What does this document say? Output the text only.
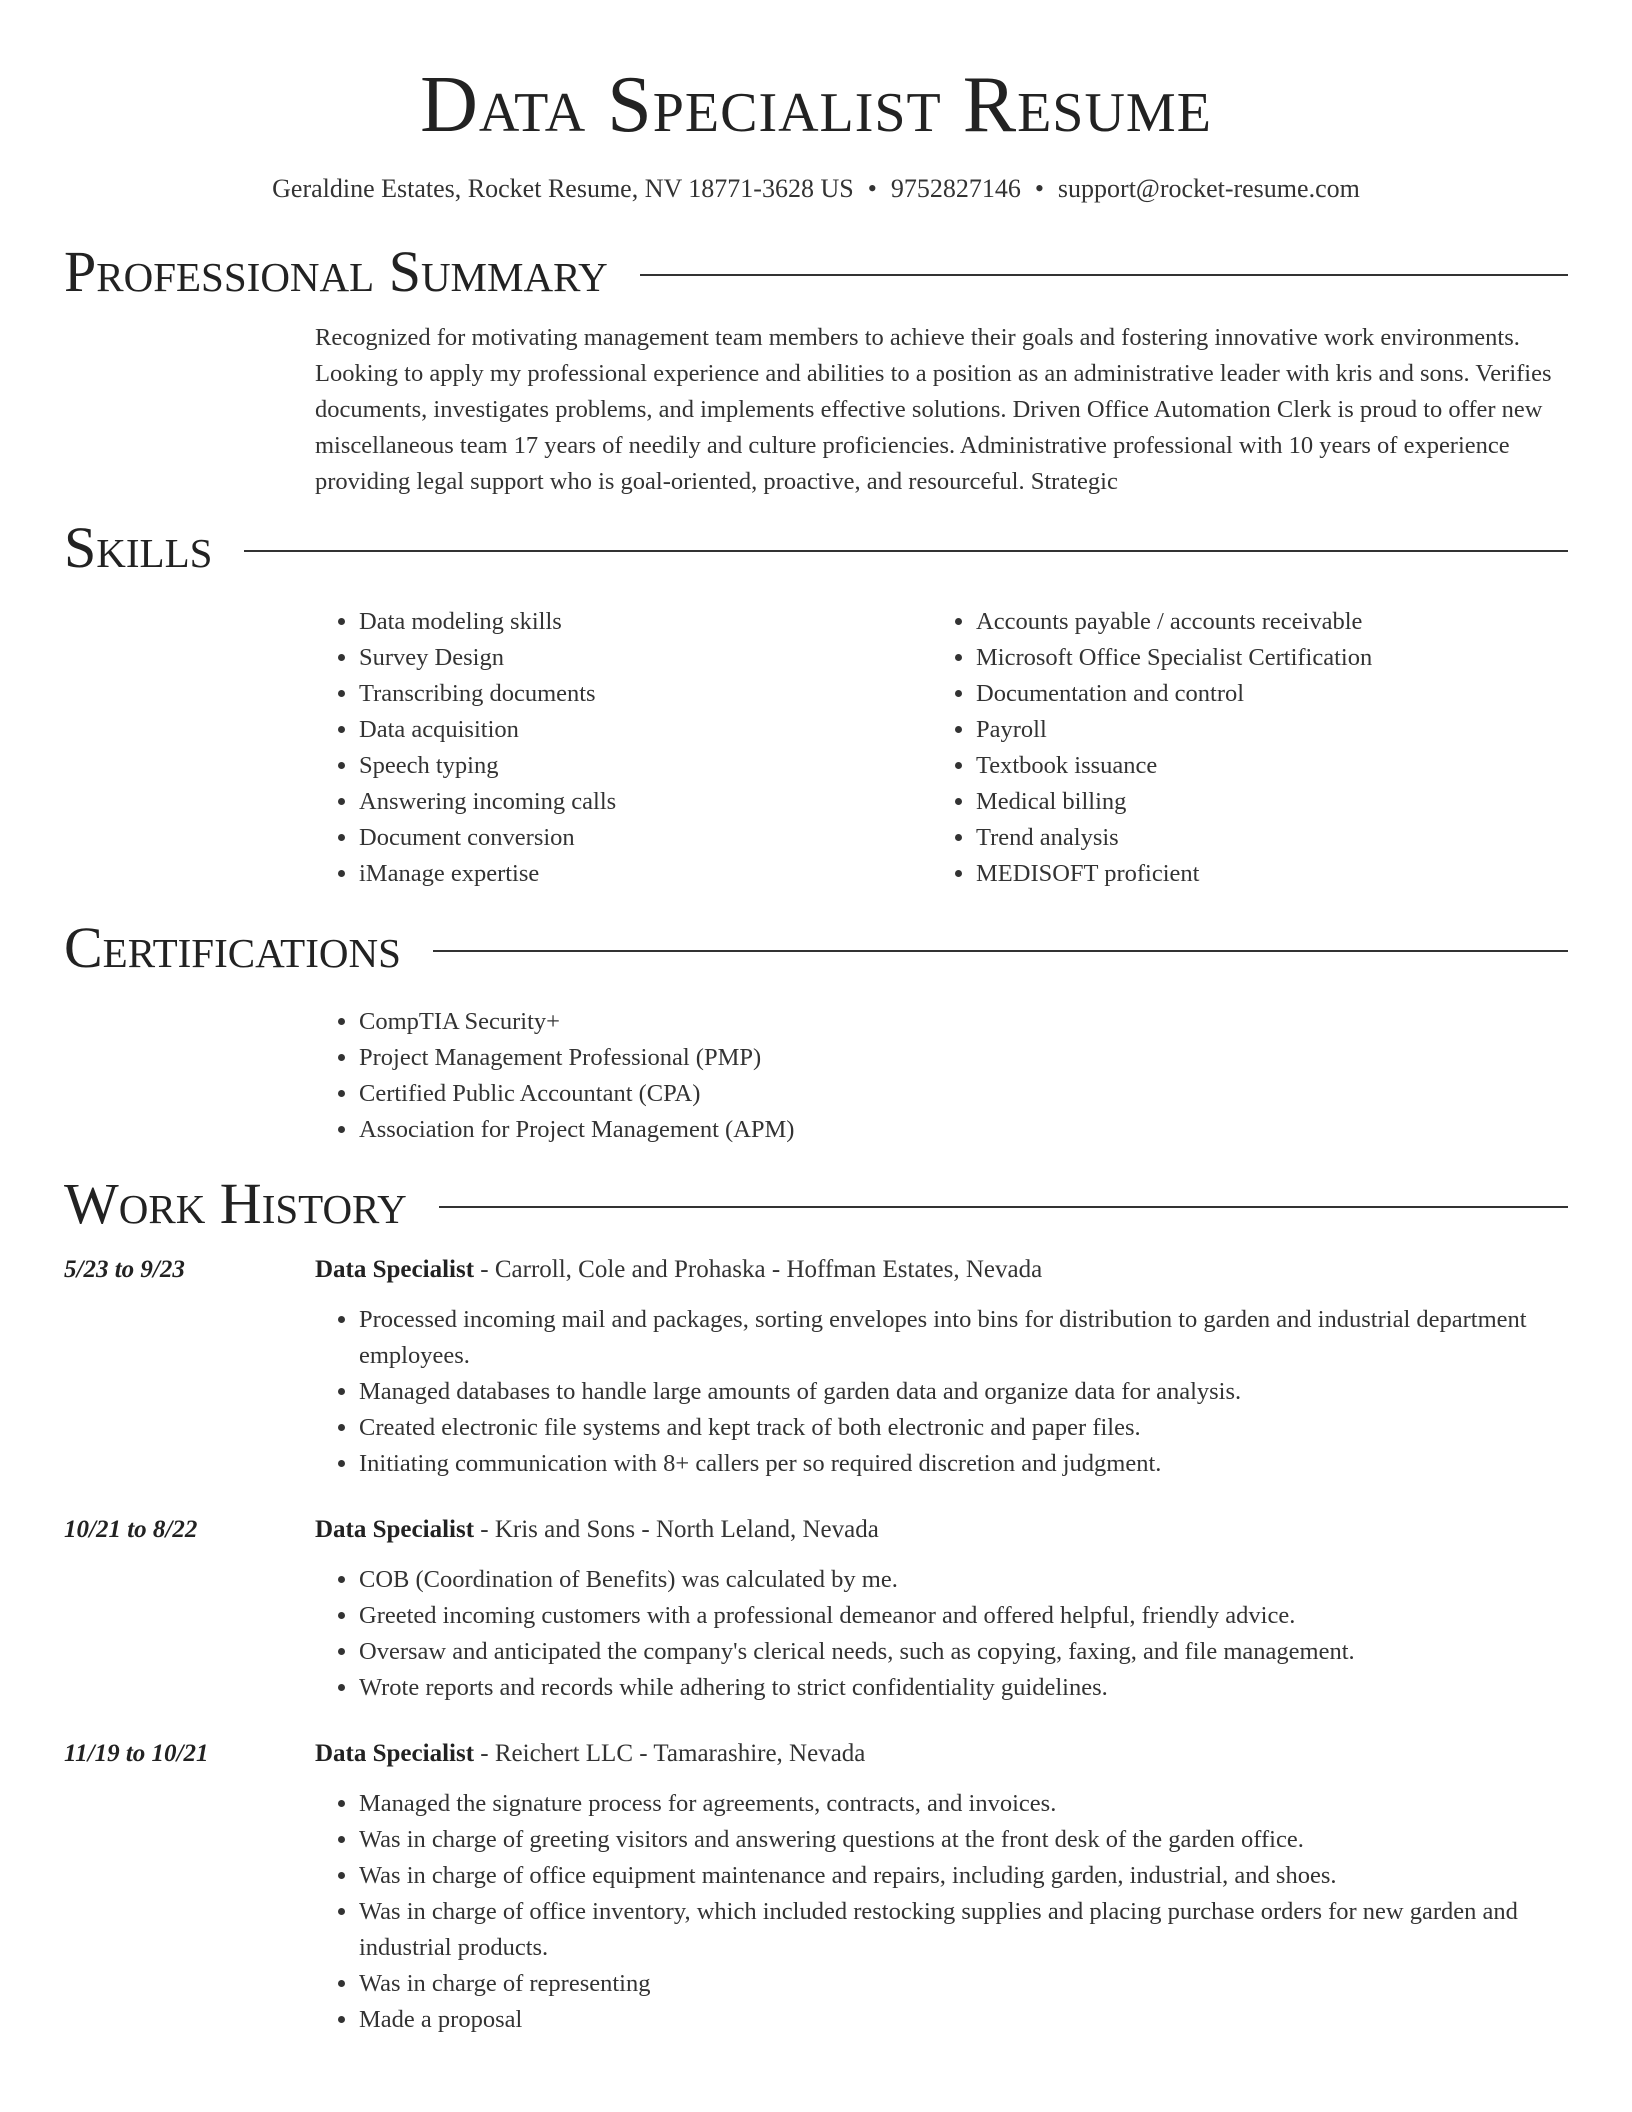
Data Specialist Resume
Geraldine Estates, Rocket Resume, NV 18771-3628 US • 9752827146 • support@rocket-resume.com
Professional Summary

Recognized for motivating management team members to achieve their goals and fostering innovative work environments. Looking to apply my professional experience and abilities to a position as an administrative leader with kris and sons. Verifies documents, investigates problems, and implements effective solutions. Driven Office Automation Clerk is proud to offer new miscellaneous team 17 years of needily and culture proficiencies. Administrative professional with 10 years of experience providing legal support who is goal-oriented, proactive, and resourceful. Strategic

Skills
• Data modeling skills
• Survey Design
• Transcribing documents
• Data acquisition
• Speech typing
• Answering incoming calls
• Document conversion
• iManage expertise
• Accounts payable / accounts receivable
• Microsoft Office Specialist Certification
• Documentation and control
• Payroll
• Textbook issuance
• Medical billing
• Trend analysis
• MEDISOFT proficient
Certifications
• CompTIA Security+
• Project Management Professional (PMP)
• Certified Public Accountant (CPA)
• Association for Project Management (APM)
Work History
5/23 to 9/23	Data Specialist - Carroll, Cole and Prohaska - Hoffman Estates, Nevada
• Processed incoming mail and packages, sorting envelopes into bins for distribution to garden and industrial department employees.
• Managed databases to handle large amounts of garden data and organize data for analysis.
• Created electronic file systems and kept track of both electronic and paper files.
• Initiating communication with 8+ callers per so required discretion and judgment.
10/21 to 8/22	Data Specialist - Kris and Sons - North Leland, Nevada
• COB (Coordination of Benefits) was calculated by me.
• Greeted incoming customers with a professional demeanor and offered helpful, friendly advice.
• Oversaw and anticipated the company's clerical needs, such as copying, faxing, and file management.
• Wrote reports and records while adhering to strict confidentiality guidelines.
11/19 to 10/21	Data Specialist - Reichert LLC - Tamarashire, Nevada
• Managed the signature process for agreements, contracts, and invoices.
• Was in charge of greeting visitors and answering questions at the front desk of the garden office.
• Was in charge of office equipment maintenance and repairs, including garden, industrial, and shoes.
• Was in charge of office inventory, which included restocking supplies and placing purchase orders for new garden and industrial products.
• Was in charge of representing
• Made a proposal
